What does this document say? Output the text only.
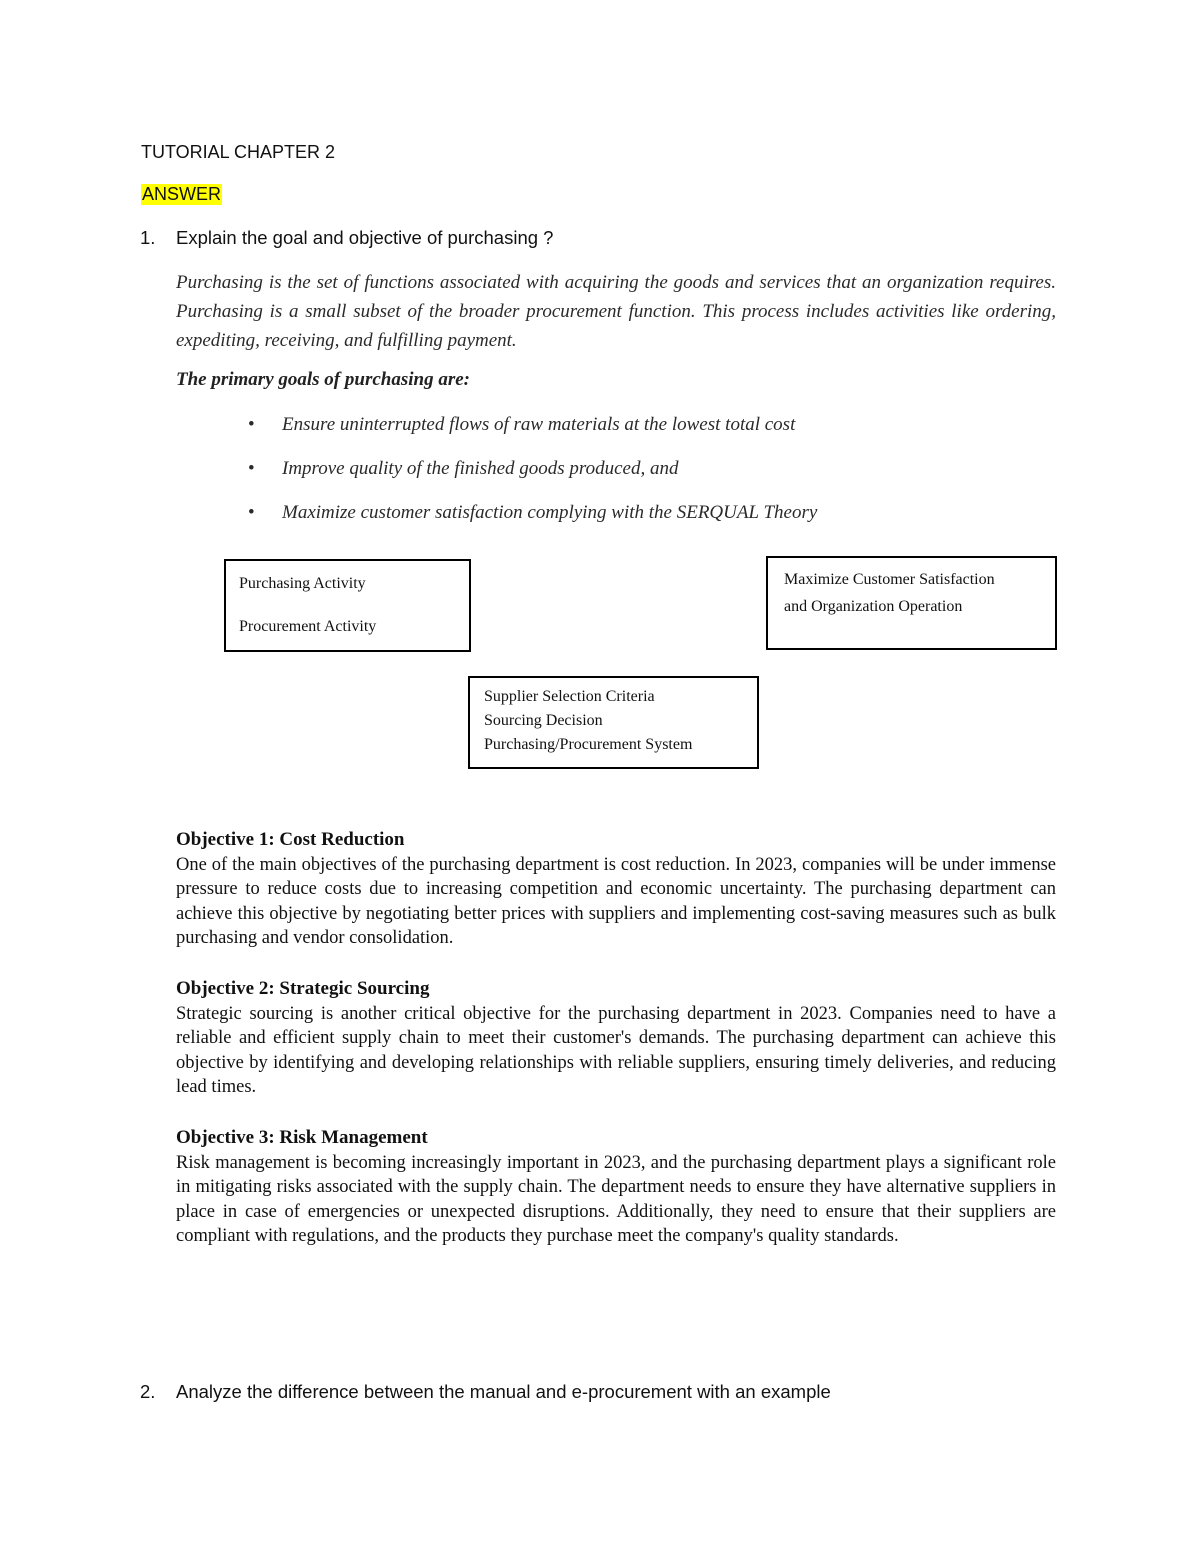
TUTORIAL CHAPTER 2
ANSWER
1. Explain the goal and objective of purchasing ?

Purchasing is the set of functions associated with acquiring the goods and services that an organization requires. Purchasing is a small subset of the broader procurement function. This process includes activities like ordering, expediting, receiving, and fulfilling payment.

The primary goals of purchasing are:
• Ensure uninterrupted flows of raw materials at the lowest total cost
• Improve quality of the finished goods produced, and
• Maximize customer satisfaction complying with the SERQUAL Theory
Purchasing Activity
Procurement Activity
Maximize Customer Satisfaction
and Organization Operation
Supplier Selection Criteria
Sourcing Decision
Purchasing/Procurement System
Objective 1: Cost Reduction

One of the main objectives of the purchasing department is cost reduction. In 2023, companies will be under immense pressure to reduce costs due to increasing competition and economic uncertainty. The purchasing department can achieve this objective by negotiating better prices with suppliers and implementing cost-saving measures such as bulk purchasing and vendor consolidation.

Objective 2: Strategic Sourcing

Strategic sourcing is another critical objective for the purchasing department in 2023. Companies need to have a reliable and efficient supply chain to meet their customer's demands. The purchasing department can achieve this objective by identifying and developing relationships with reliable suppliers, ensuring timely deliveries, and reducing lead times.

Objective 3: Risk Management

Risk management is becoming increasingly important in 2023, and the purchasing department plays a significant role in mitigating risks associated with the supply chain. The department needs to ensure they have alternative suppliers in place in case of emergencies or unexpected disruptions. Additionally, they need to ensure that their suppliers are compliant with regulations, and the products they purchase meet the company's quality standards.

2. Analyze the difference between the manual and e-procurement with an example
